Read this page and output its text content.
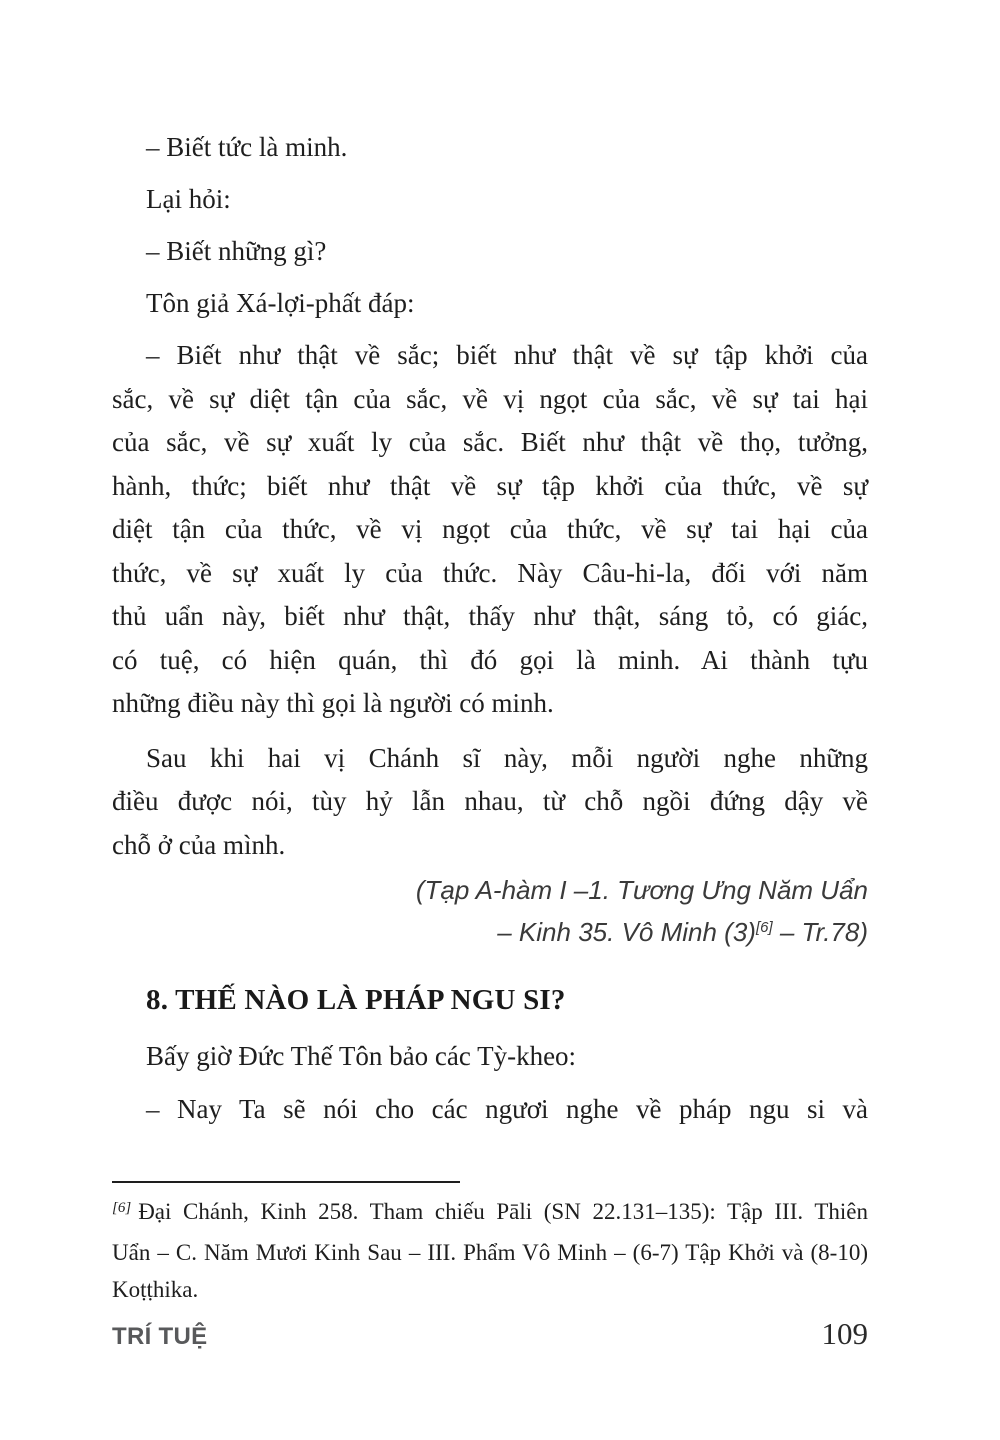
– Biết tức là minh.
Lại hỏi:
– Biết những gì?
Tôn giả Xá-lợi-phất đáp:
– Biết như thật về sắc; biết như thật về sự tập khởi của
sắc, về sự diệt tận của sắc, về vị ngọt của sắc, về sự tai hại
của sắc, về sự xuất ly của sắc. Biết như thật về thọ, tưởng,
hành, thức; biết như thật về sự tập khởi của thức, về sự
diệt tận của thức, về vị ngọt của thức, về sự tai hại của
thức, về sự xuất ly của thức. Này Câu-hi-la, đối với năm
thủ uẩn này, biết như thật, thấy như thật, sáng tỏ, có giác,
có tuệ, có hiện quán, thì đó gọi là minh. Ai thành tựu
những điều này thì gọi là người có minh.
Sau khi hai vị Chánh sĩ này, mỗi người nghe những
điều được nói, tùy hỷ lẫn nhau, từ chỗ ngồi đứng dậy về
chỗ ở của mình.
(Tạp A-hàm I –1. Tương Ưng Năm Uẩn
– Kinh 35. Vô Minh (3)[6] – Tr.78)
8. THẾ NÀO LÀ PHÁP NGU SI?
Bấy giờ Đức Thế Tôn bảo các Tỳ-kheo:
– Nay Ta sẽ nói cho các ngươi nghe về pháp ngu si và
[6] Đại Chánh, Kinh 258. Tham chiếu Pāli (SN 22.131–135): Tập III. Thiên
Uẩn – C. Năm Mươi Kinh Sau – III. Phẩm Vô Minh – (6-7) Tập Khởi và (8-10)
Koṭṭhika.
TRÍ TUỆ	109
